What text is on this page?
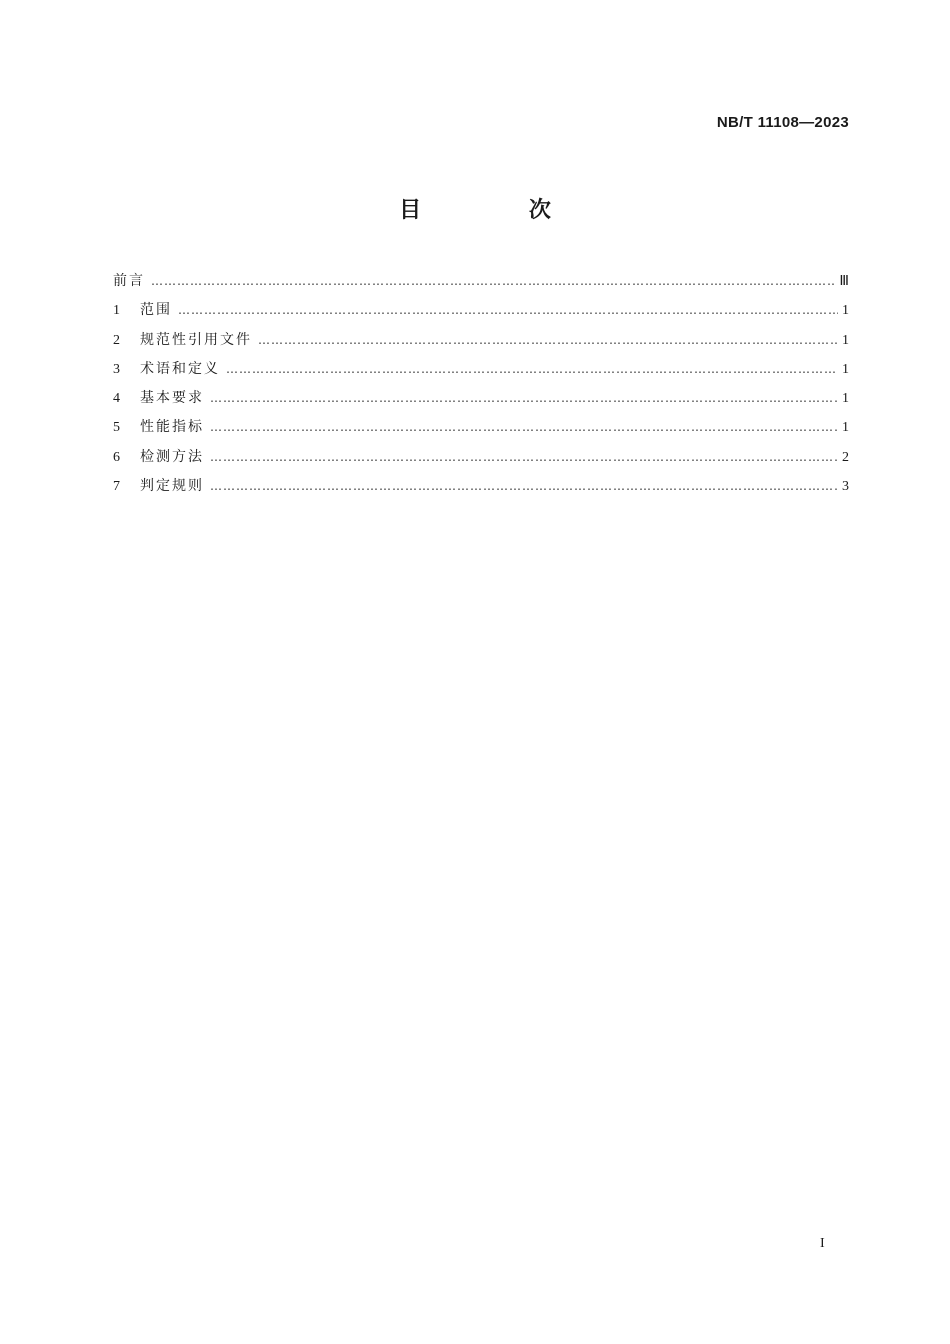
NB/T 11108—2023
目 次
前言 …………………………………………………………………………………………………………………………………………………………………………………………	Ⅲ
1	范围 …………………………………………………………………………………………………………………………………………………………………………………………	1
2	规范性引用文件 …………………………………………………………………………………………………………………………………………………………………………………………	1
3	术语和定义 …………………………………………………………………………………………………………………………………………………………………………………………	1
4	基本要求 …………………………………………………………………………………………………………………………………………………………………………………………	1
5	性能指标 …………………………………………………………………………………………………………………………………………………………………………………………	1
6	检测方法 …………………………………………………………………………………………………………………………………………………………………………………………	2
7	判定规则 …………………………………………………………………………………………………………………………………………………………………………………………	3
I
